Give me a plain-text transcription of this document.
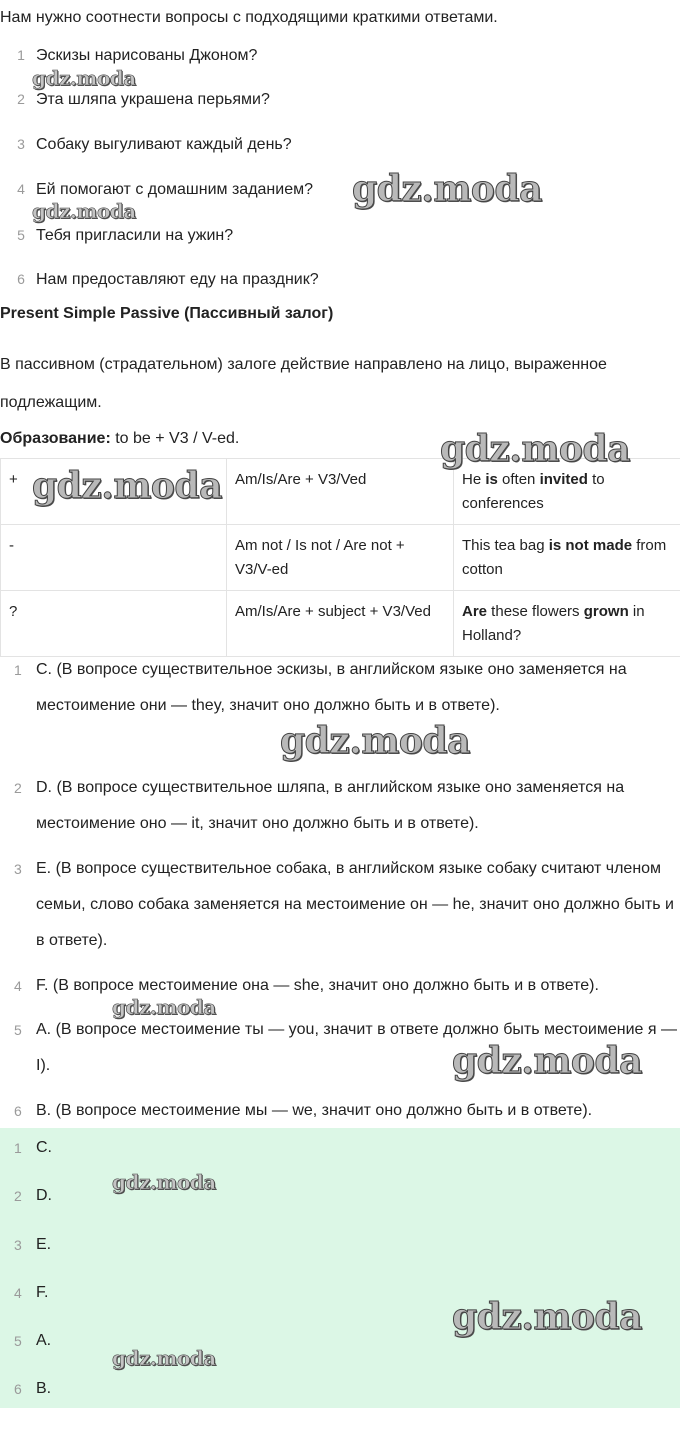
Нам нужно соотнести вопросы с подходящими краткими ответами.
1 Эскизы нарисованы Джоном?
2 Эта шляпа украшена перьями?
3 Собаку выгуливают каждый день?
4 Ей помогают с домашним заданием?
5 Тебя пригласили на ужин?
6 Нам предоставляют еду на праздник?
Present Simple Passive (Пассивный залог)
В пассивном (страдательном) залоге действие направлено на лицо, выраженное подлежащим.
Образование: to be + V3 / V-ed.
+	Am/Is/Are + V3/Ved	He is often invited to conferences
-	Am not / Is not / Are not + V3/V-ed	This tea bag is not made from cotton
?	Am/Is/Are + subject + V3/Ved	Are these flowers grown in Holland?
1 C. (В вопросе существительное эскизы, в английском языке оно заменяется на местоимение они — they, значит оно должно быть и в ответе).
2 D. (В вопросе существительное шляпа, в английском языке оно заменяется на местоимение оно — it, значит оно должно быть и в ответе).
3 E. (В вопросе существительное собака, в английском языке собаку считают членом семьи, слово собака заменяется на местоимение он — he, значит оно должно быть и в ответе).
4 F. (В вопросе местоимение она — she, значит оно должно быть и в ответе).
5 A. (В вопросе местоимение ты — you, значит в ответе должно быть местоимение я — I).
6 B. (В вопросе местоимение мы — we, значит оно должно быть и в ответе).
1 C.
2 D.
3 E.
4 F.
5 A.
6 B.
gdz.moda
gdz.moda
gdz.moda
gdz.moda
gdz.moda
gdz.moda
gdz.moda
gdz.moda
gdz.moda
gdz.moda
gdz.moda
